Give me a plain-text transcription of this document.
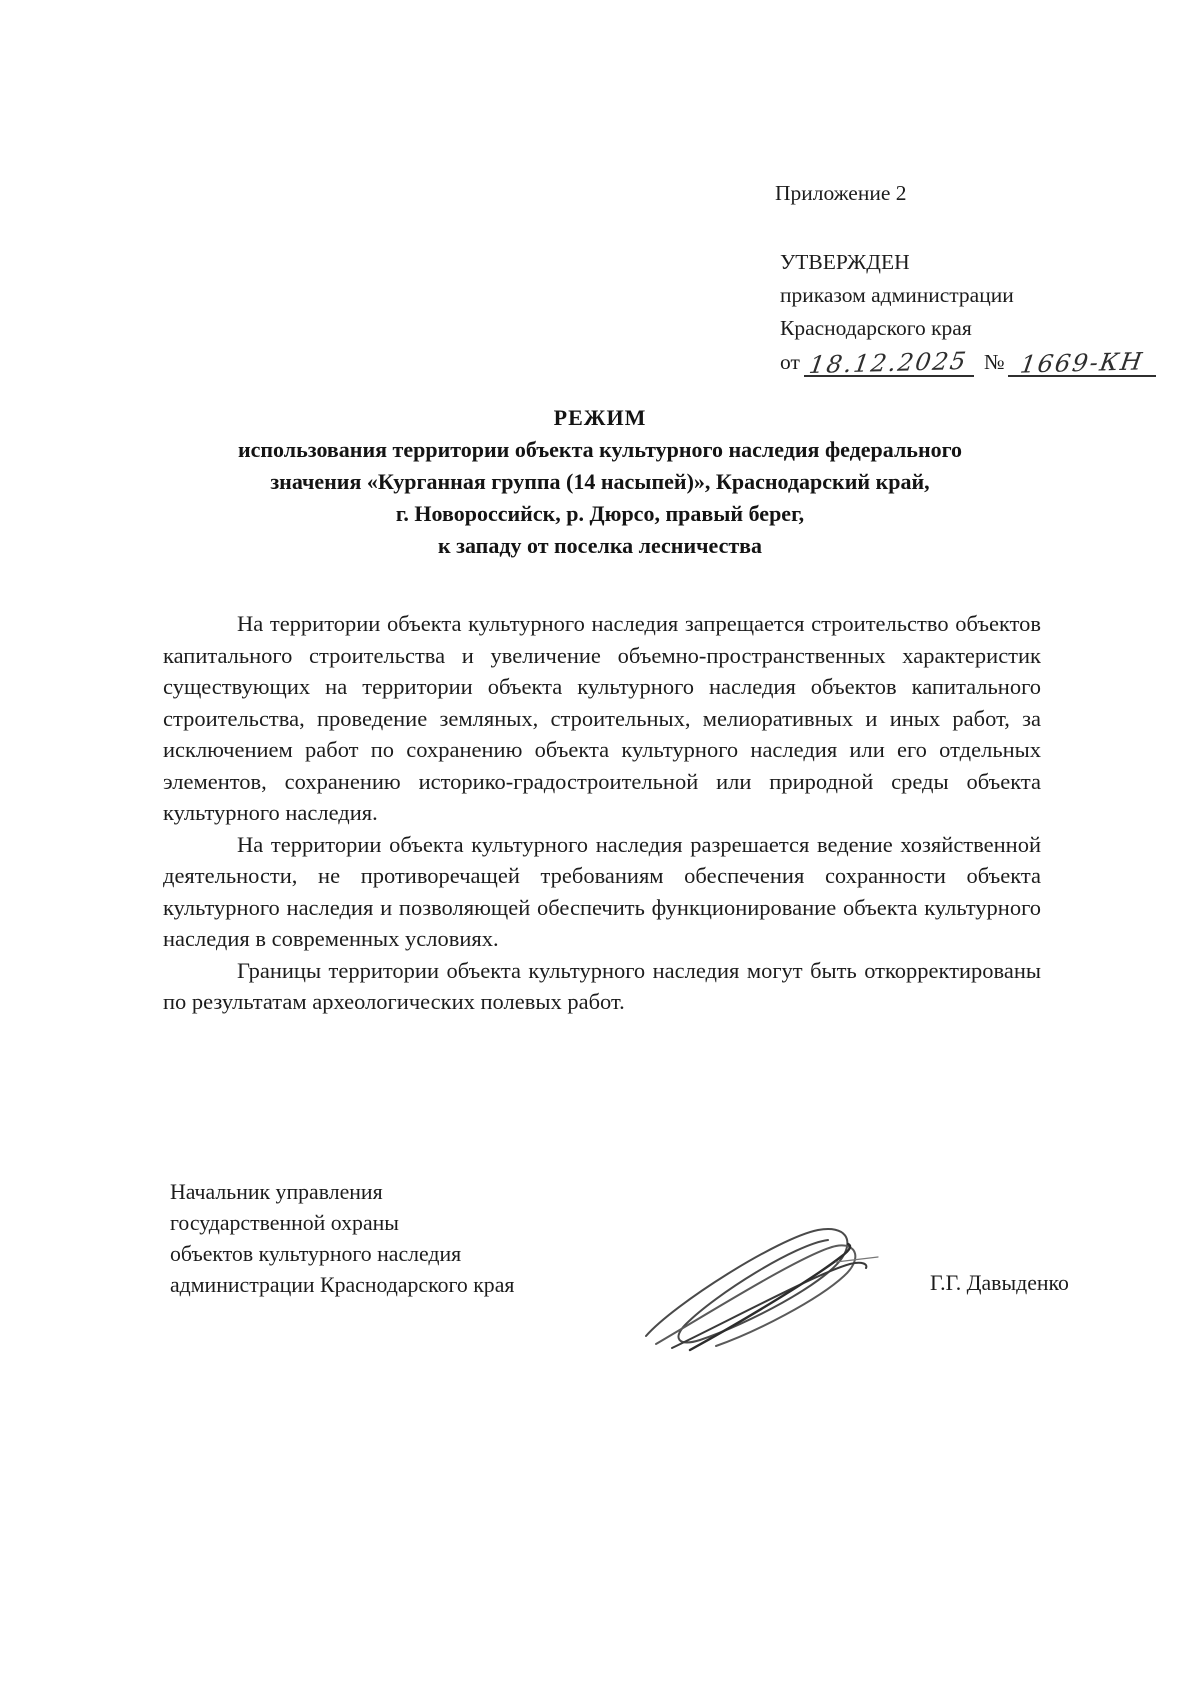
Приложение 2
УТВЕРЖДЕН
приказом администрации
Краснодарского края
от 18.12.2025 № 1669-КН
РЕЖИМ
использования территории объекта культурного наследия федерального
значения «Курганная группа (14 насыпей)», Краснодарский край,
г. Новороссийск, р. Дюрсо, правый берег,
к западу от поселка лесничества

На территории объекта культурного наследия запрещается строительство объектов капитального строительства и увеличение объемно-пространственных характеристик существующих на территории объекта культурного наследия объектов капитального строительства, проведение земляных, строительных, мелиоративных и иных работ, за исключением работ по сохранению объекта культурного наследия или его отдельных элементов, сохранению историко-градостроительной или природной среды объекта культурного наследия.

На территории объекта культурного наследия разрешается ведение хозяйственной деятельности, не противоречащей требованиям обеспечения сохранности объекта культурного наследия и позволяющей обеспечить функционирование объекта культурного наследия в современных условиях.

Границы территории объекта культурного наследия могут быть откорректированы по результатам археологических полевых работ.

Начальник управления
государственной охраны
объектов культурного наследия
администрации Краснодарского края	Г.Г. Давыденко
